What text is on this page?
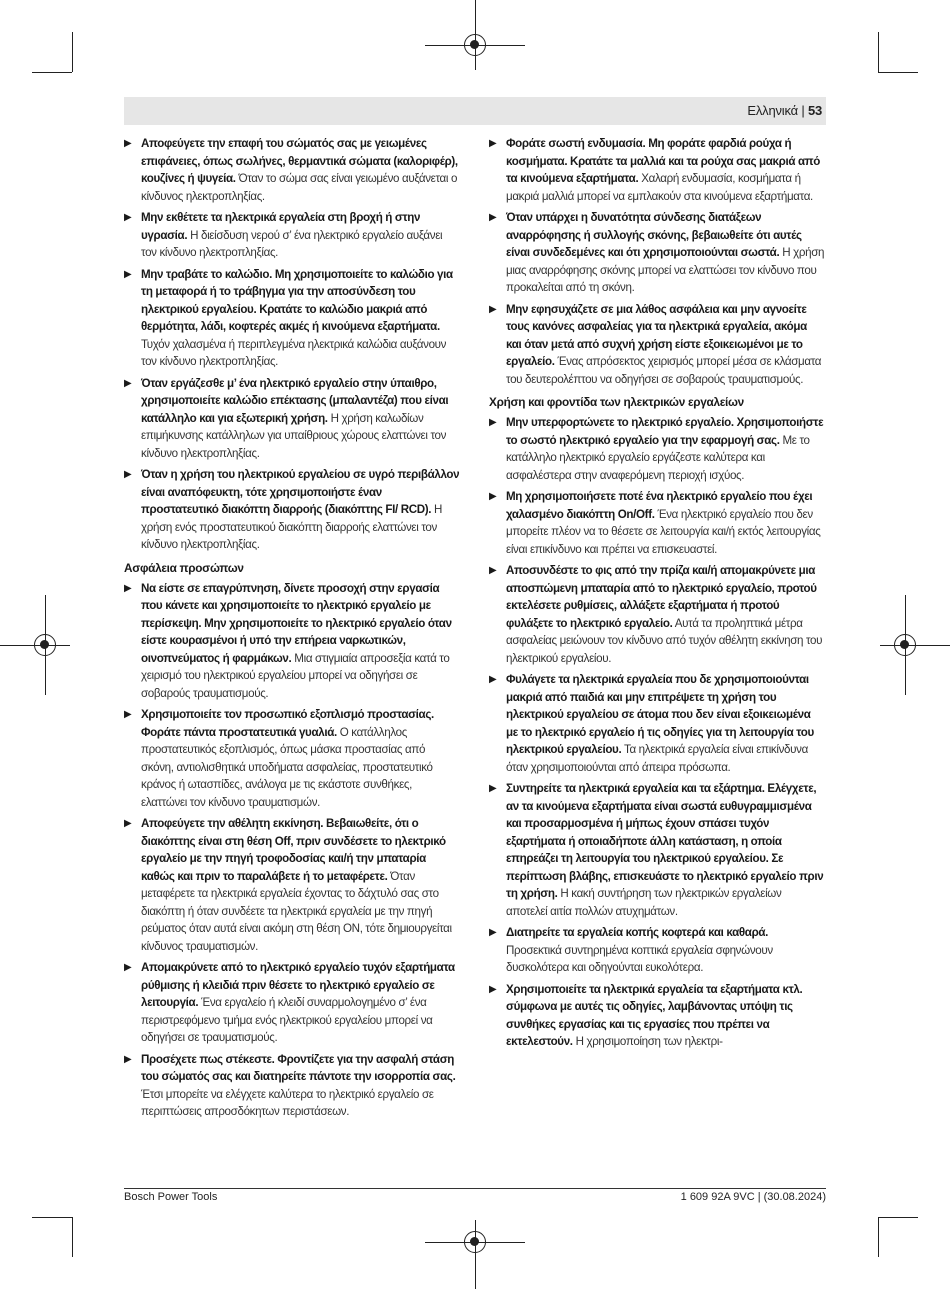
Ελληνικά | 53
▶ Αποφεύγετε την επαφή του σώματός σας με γειωμένες επιφάνειες, όπως σωλήνες, θερμαντικά σώματα (καλοριφέρ), κουζίνες ή ψυγεία. Όταν το σώμα σας είναι γειωμένο αυξάνεται ο κίνδυνος ηλεκτροπληξίας.
▶ Μην εκθέτετε τα ηλεκτρικά εργαλεία στη βροχή ή στην υγρασία. Η διείσδυση νερού σ’ ένα ηλεκτρικό εργαλείο αυξάνει τον κίνδυνο ηλεκτροπληξίας.
▶ Μην τραβάτε το καλώδιο. Μη χρησιμοποιείτε το καλώδιο για τη μεταφορά ή το τράβηγμα για την αποσύνδεση του ηλεκτρικού εργαλείου. Κρατάτε το καλώδιο μακριά από θερμότητα, λάδι, κοφτερές ακμές ή κινούμενα εξαρτήματα. Τυχόν χαλασμένα ή περιπλεγμένα ηλεκτρικά καλώδια αυξάνουν τον κίνδυνο ηλεκτροπληξίας.
▶ Όταν εργάζεσθε μ’ ένα ηλεκτρικό εργαλείο στην ύπαιθρο, χρησιμοποιείτε καλώδιο επέκτασης (μπαλαντέζα) που είναι κατάλληλο και για εξωτερική χρήση. Η χρήση καλωδίων επιμήκυνσης κατάλληλων για υπαίθριους χώρους ελαττώνει τον κίνδυνο ηλεκτροπληξίας.
▶ Όταν η χρήση του ηλεκτρικού εργαλείου σε υγρό περιβάλλον είναι αναπόφευκτη, τότε χρησιμοποιήστε έναν προστατευτικό διακόπτη διαρροής (διακόπτης FI/ RCD). Η χρήση ενός προστατευτικού διακόπτη διαρροής ελαττώνει τον κίνδυνο ηλεκτροπληξίας.
Ασφάλεια προσώπων
▶ Να είστε σε επαγρύπνηση, δίνετε προσοχή στην εργασία που κάνετε και χρησιμοποιείτε το ηλεκτρικό εργαλείο με περίσκεψη. Μην χρησιμοποιείτε το ηλεκτρικό εργαλείο όταν είστε κουρασμένοι ή υπό την επήρεια ναρκωτικών, οινοπνεύματος ή φαρμάκων. Μια στιγμιαία απροσεξία κατά το χειρισμό του ηλεκτρικού εργαλείου μπορεί να οδηγήσει σε σοβαρούς τραυματισμούς.
▶ Χρησιμοποιείτε τον προσωπικό εξοπλισμό προστασίας. Φοράτε πάντα προστατευτικά γυαλιά. Ο κατάλληλος προστατευτικός εξοπλισμός, όπως μάσκα προστασίας από σκόνη, αντιολισθητικά υποδήματα ασφαλείας, προστατευτικό κράνος ή ωτασπίδες, ανάλογα με τις εκάστοτε συνθήκες, ελαττώνει τον κίνδυνο τραυματισμών.
▶ Αποφεύγετε την αθέλητη εκκίνηση. Βεβαιωθείτε, ότι ο διακόπτης είναι στη θέση Off, πριν συνδέσετε το ηλεκτρικό εργαλείο με την πηγή τροφοδοσίας και/ή την μπαταρία καθώς και πριν το παραλάβετε ή το μεταφέρετε. Όταν μεταφέρετε τα ηλεκτρικά εργαλεία έχοντας το δάχτυλό σας στο διακόπτη ή όταν συνδέετε τα ηλεκτρικά εργαλεία με την πηγή ρεύματος όταν αυτά είναι ακόμη στη θέση ON, τότε δημιουργείται κίνδυνος τραυματισμών.
▶ Απομακρύνετε από το ηλεκτρικό εργαλείο τυχόν εξαρτήματα ρύθμισης ή κλειδιά πριν θέσετε το ηλεκτρικό εργαλείο σε λειτουργία. Ένα εργαλείο ή κλειδί συναρμολογημένο σ’ ένα περιστρεφόμενο τμήμα ενός ηλεκτρικού εργαλείου μπορεί να οδηγήσει σε τραυματισμούς.
▶ Προσέχετε πως στέκεστε. Φροντίζετε για την ασφαλή στάση του σώματός σας και διατηρείτε πάντοτε την ισορροπία σας. Έτσι μπορείτε να ελέγχετε καλύτερα το ηλεκτρικό εργαλείο σε περιπτώσεις απροσδόκητων περιστάσεων.
▶ Φοράτε σωστή ενδυμασία. Μη φοράτε φαρδιά ρούχα ή κοσμήματα. Κρατάτε τα μαλλιά και τα ρούχα σας μακριά από τα κινούμενα εξαρτήματα. Χαλαρή ενδυμασία, κοσμήματα ή μακριά μαλλιά μπορεί να εμπλακούν στα κινούμενα εξαρτήματα.
▶ Όταν υπάρχει η δυνατότητα σύνδεσης διατάξεων αναρρόφησης ή συλλογής σκόνης, βεβαιωθείτε ότι αυτές είναι συνδεδεμένες και ότι χρησιμοποιούνται σωστά. Η χρήση μιας αναρρόφησης σκόνης μπορεί να ελαττώσει τον κίνδυνο που προκαλείται από τη σκόνη.
▶ Μην εφησυχάζετε σε μια λάθος ασφάλεια και μην αγνοείτε τους κανόνες ασφαλείας για τα ηλεκτρικά εργαλεία, ακόμα και όταν μετά από συχνή χρήση είστε εξοικειωμένοι με το εργαλείο. Ένας απρόσεκτος χειρισμός μπορεί μέσα σε κλάσματα του δευτερολέπτου να οδηγήσει σε σοβαρούς τραυματισμούς.
Χρήση και φροντίδα των ηλεκτρικών εργαλείων
▶ Μην υπερφορτώνετε το ηλεκτρικό εργαλείο. Χρησιμοποιήστε το σωστό ηλεκτρικό εργαλείο για την εφαρμογή σας. Με το κατάλληλο ηλεκτρικό εργαλείο εργάζεστε καλύτερα και ασφαλέστερα στην αναφερόμενη περιοχή ισχύος.
▶ Μη χρησιμοποιήσετε ποτέ ένα ηλεκτρικό εργαλείο που έχει χαλασμένο διακόπτη On/Off. Ένα ηλεκτρικό εργαλείο που δεν μπορείτε πλέον να το θέσετε σε λειτουργία και/ή εκτός λειτουργίας είναι επικίνδυνο και πρέπει να επισκευαστεί.
▶ Αποσυνδέστε το φις από την πρίζα και/ή απομακρύνετε μια αποσπώμενη μπαταρία από το ηλεκτρικό εργαλείο, προτού εκτελέσετε ρυθμίσεις, αλλάξετε εξαρτήματα ή προτού φυλάξετε το ηλεκτρικό εργαλείο. Αυτά τα προληπτικά μέτρα ασφαλείας μειώνουν τον κίνδυνο από τυχόν αθέλητη εκκίνηση του ηλεκτρικού εργαλείου.
▶ Φυλάγετε τα ηλεκτρικά εργαλεία που δε χρησιμοποιούνται μακριά από παιδιά και μην επιτρέψετε τη χρήση του ηλεκτρικού εργαλείου σε άτομα που δεν είναι εξοικειωμένα με το ηλεκτρικό εργαλείο ή τις οδηγίες για τη λειτουργία του ηλεκτρικού εργαλείου. Τα ηλεκτρικά εργαλεία είναι επικίνδυνα όταν χρησιμοποιούνται από άπειρα πρόσωπα.
▶ Συντηρείτε τα ηλεκτρικά εργαλεία και τα εξάρτημα. Ελέγχετε, αν τα κινούμενα εξαρτήματα είναι σωστά ευθυγραμμισμένα και προσαρμοσμένα ή μήπως έχουν σπάσει τυχόν εξαρτήματα ή οποιαδήποτε άλλη κατάσταση, η οποία επηρεάζει τη λειτουργία του ηλεκτρικού εργαλείου. Σε περίπτωση βλάβης, επισκευάστε το ηλεκτρικό εργαλείο πριν τη χρήση. Η κακή συντήρηση των ηλεκτρικών εργαλείων αποτελεί αιτία πολλών ατυχημάτων.
▶ Διατηρείτε τα εργαλεία κοπής κοφτερά και καθαρά. Προσεκτικά συντηρημένα κοπτικά εργαλεία σφηνώνουν δυσκολότερα και οδηγούνται ευκολότερα.
▶ Χρησιμοποιείτε τα ηλεκτρικά εργαλεία τα εξαρτήματα κτλ. σύμφωνα με αυτές τις οδηγίες, λαμβάνοντας υπόψη τις συνθήκες εργασίας και τις εργασίες που πρέπει να εκτελεστούν. Η χρησιμοποίηση των ηλεκτρι-
Bosch Power Tools	1 609 92A 9VC | (30.08.2024)
